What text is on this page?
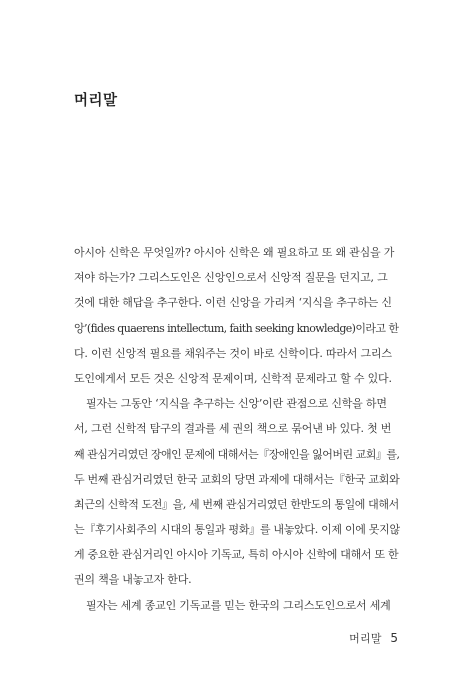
머리말
아시아 신학은 무엇일까? 아시아 신학은 왜 필요하고 또 왜 관심을 가
져야 하는가? 그리스도인은 신앙인으로서 신앙적 질문을 던지고, 그
것에 대한 해답을 추구한다. 이런 신앙을 가리켜 ‘지식을 추구하는 신
앙’(fides quaerens intellectum, faith seeking knowledge)이라고 한
다. 이런 신앙적 필요를 채워주는 것이 바로 신학이다. 따라서 그리스
도인에게서 모든 것은 신앙적 문제이며, 신학적 문제라고 할 수 있다.
필자는 그동안 ‘지식을 추구하는 신앙’이란 관점으로 신학을 하면
서, 그런 신학적 탐구의 결과를 세 권의 책으로 묶어낸 바 있다. 첫 번
째 관심거리였던 장애인 문제에 대해서는『장애인을 잃어버린 교회』를,
두 번째 관심거리였던 한국 교회의 당면 과제에 대해서는『한국 교회와
최근의 신학적 도전』을, 세 번째 관심거리였던 한반도의 통일에 대해서
는『후기사회주의 시대의 통일과 평화』를 내놓았다. 이제 이에 못지않
게 중요한 관심거리인 아시아 기독교, 특히 아시아 신학에 대해서 또 한
권의 책을 내놓고자 한다.
필자는 세계 종교인 기독교를 믿는 한국의 그리스도인으로서 세계
머리말 5
